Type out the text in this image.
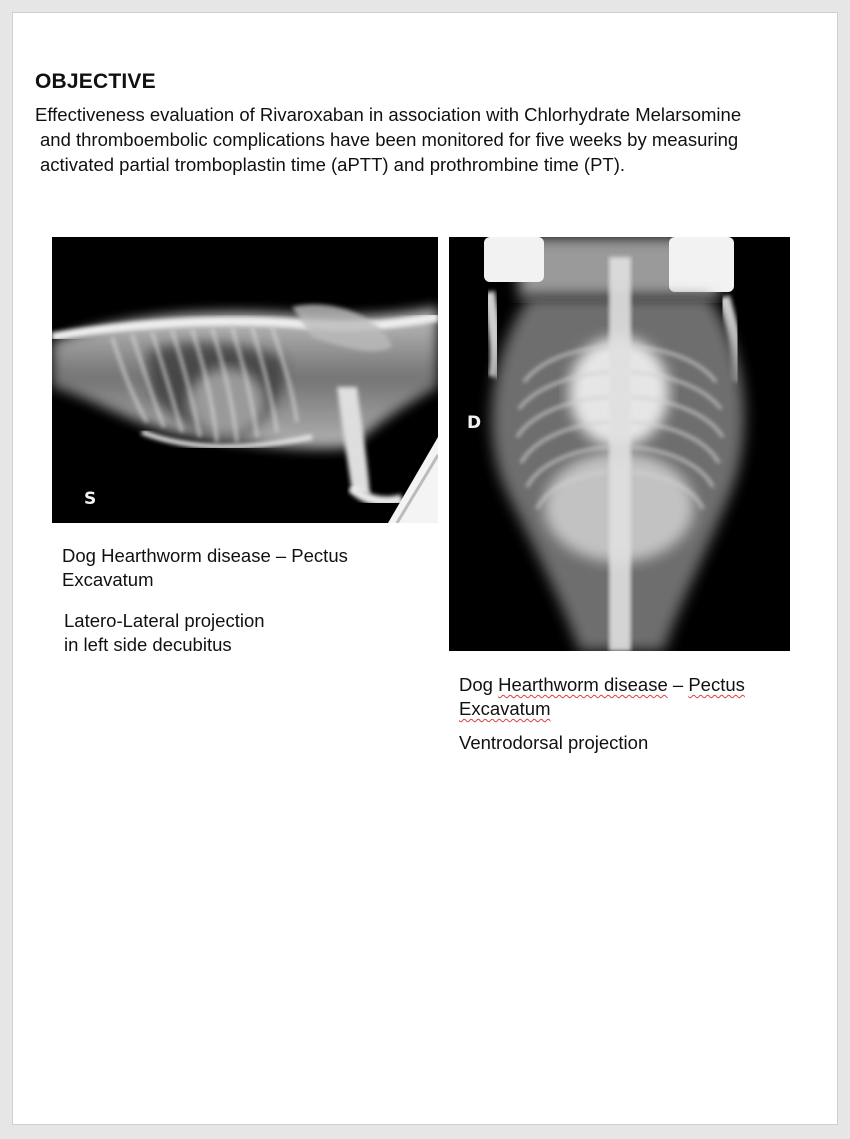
OBJECTIVE
Effectiveness evaluation of Rivaroxaban in association with Chlorhydrate Melarsomine
and thromboembolic complications have been monitored for five weeks by measuring
activated partial tromboplastin time (aPTT) and prothrombine time (PT).
S
D
Dog Hearthworm disease – Pectus Excavatum
Latero-Lateral projection
in left side decubitus
Dog Hearthworm disease – Pectus Excavatum
Ventrodorsal projection
